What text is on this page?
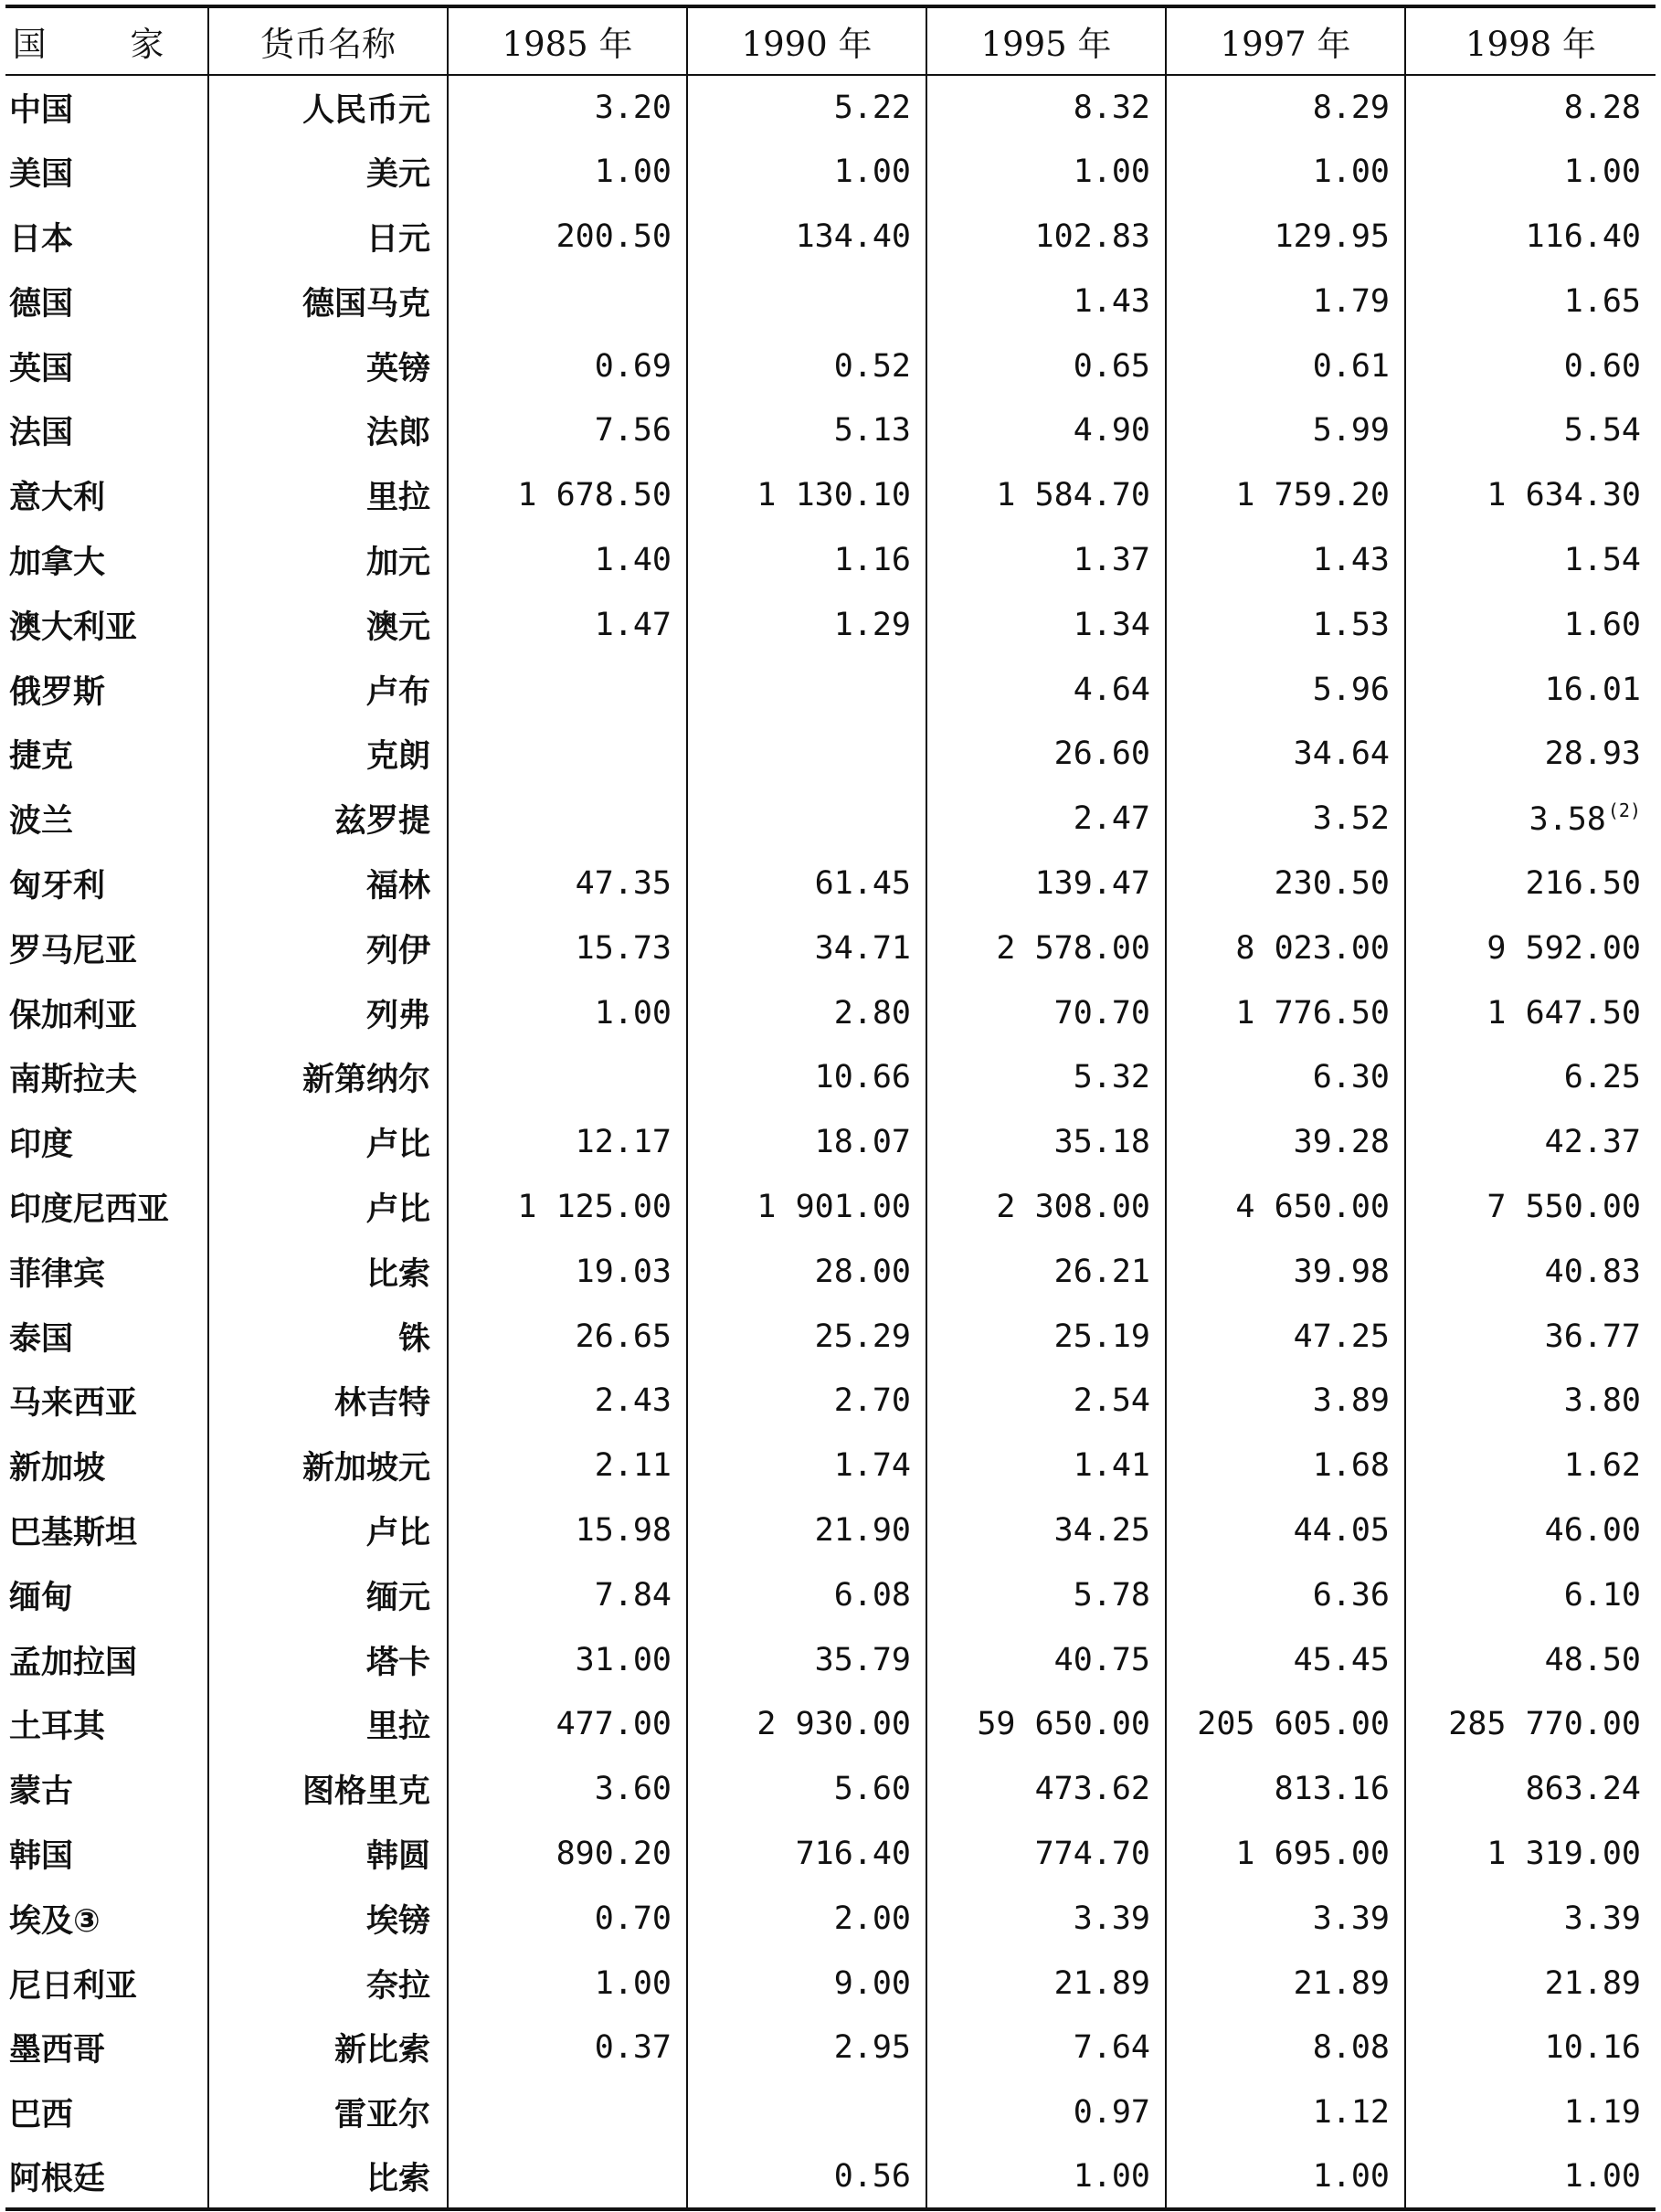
国 家	货币名称	1985 年	1990 年	1995 年	1997 年	1998 年
中国	人民币元	3.20	5.22	8.32	8.29	8.28
美国	美元	1.00	1.00	1.00	1.00	1.00
日本	日元	200.50	134.40	102.83	129.95	116.40
德国	德国马克			1.43	1.79	1.65
英国	英镑	0.69	0.52	0.65	0.61	0.60
法国	法郎	7.56	5.13	4.90	5.99	5.54
意大利	里拉	1 678.50	1 130.10	1 584.70	1 759.20	1 634.30
加拿大	加元	1.40	1.16	1.37	1.43	1.54
澳大利亚	澳元	1.47	1.29	1.34	1.53	1.60
俄罗斯	卢布			4.64	5.96	16.01
捷克	克朗			26.60	34.64	28.93
波兰	兹罗提			2.47	3.52	3.58 $^{(2)}$
匈牙利	福林	47.35	61.45	139.47	230.50	216.50
罗马尼亚	列伊	15.73	34.71	2 578.00	8 023.00	9 592.00
保加利亚	列弗	1.00	2.80	70.70	1 776.50	1 647.50
南斯拉夫	新第纳尔		10.66	5.32	6.30	6.25
印度	卢比	12.17	18.07	35.18	39.28	42.37
印度尼西亚	卢比	1 125.00	1 901.00	2 308.00	4 650.00	7 550.00
菲律宾	比索	19.03	28.00	26.21	39.98	40.83
泰国	铢	26.65	25.29	25.19	47.25	36.77
马来西亚	林吉特	2.43	2.70	2.54	3.89	3.80
新加坡	新加坡元	2.11	1.74	1.41	1.68	1.62
巴基斯坦	卢比	15.98	21.90	34.25	44.05	46.00
缅甸	缅元	7.84	6.08	5.78	6.36	6.10
孟加拉国	塔卡	31.00	35.79	40.75	45.45	48.50
土耳其	里拉	477.00	2 930.00	59 650.00	205 605.00	285 770.00
蒙古	图格里克	3.60	5.60	473.62	813.16	863.24
韩国	韩圆	890.20	716.40	774.70	1 695.00	1 319.00
埃及③	埃镑	0.70	2.00	3.39	3.39	3.39
尼日利亚	奈拉	1.00	9.00	21.89	21.89	21.89
墨西哥	新比索	0.37	2.95	7.64	8.08	10.16
巴西	雷亚尔			0.97	1.12	1.19
阿根廷	比索		0.56	1.00	1.00	1.00
